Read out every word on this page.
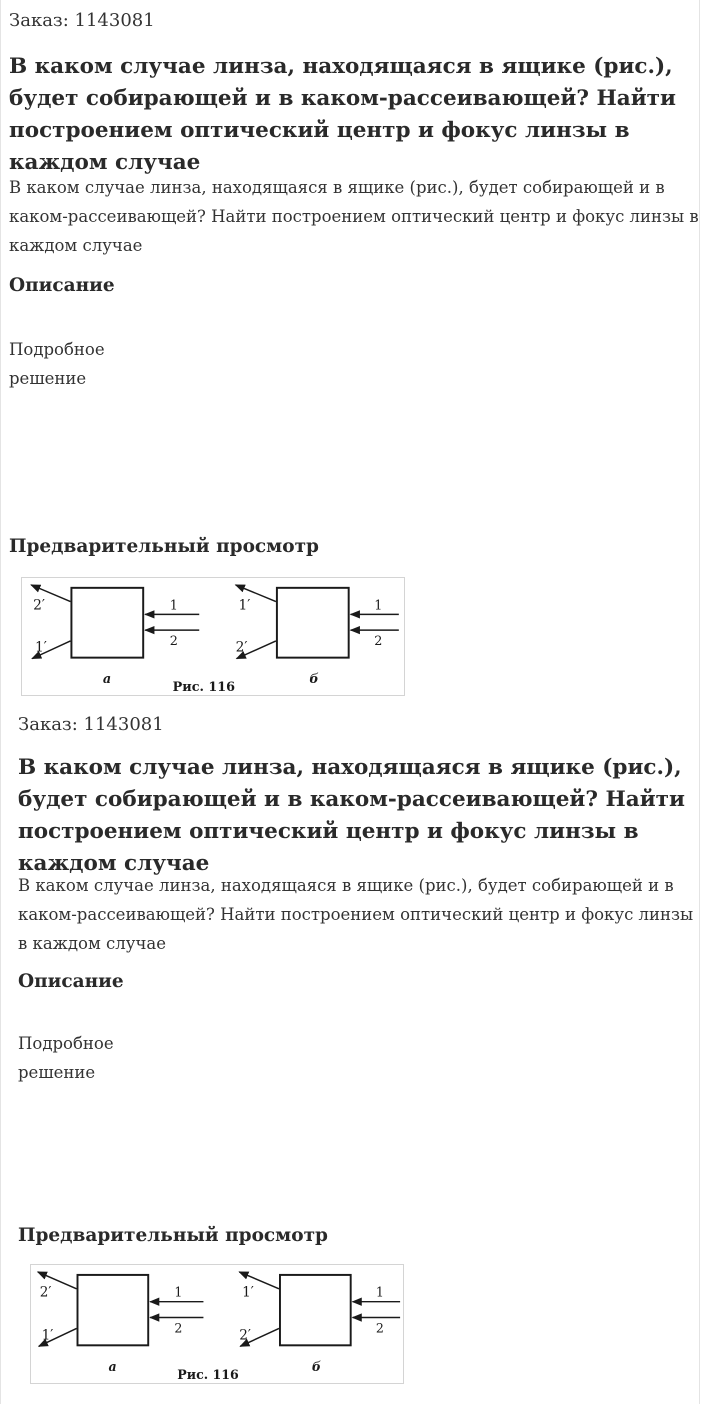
Заказ: 1143081
В каком случае линза, находящаяся в ящике (рис.), будет собирающей и в каком-рассеивающей? Найти построением оптический центр и фокус линзы в каждом случае

В каком случае линза, находящаяся в ящике (рис.), будет собирающей и в каком-рассеивающей? Найти построением оптический центр и фокус линзы в каждом случае

Описание

Подробное
решение

Предварительный просмотр
2′
1′
1
2
а
1′
2′
1
2
б
Рис. 116
Заказ: 1143081
В каком случае линза, находящаяся в ящике (рис.), будет собирающей и в каком-рассеивающей? Найти построением оптический центр и фокус линзы в каждом случае

В каком случае линза, находящаяся в ящике (рис.), будет собирающей и в каком-рассеивающей? Найти построением оптический центр и фокус линзы в каждом случае

Описание

Подробное
решение

Предварительный просмотр
2′
1′
1
2
а
1′
2′
1
2
б
Рис. 116
